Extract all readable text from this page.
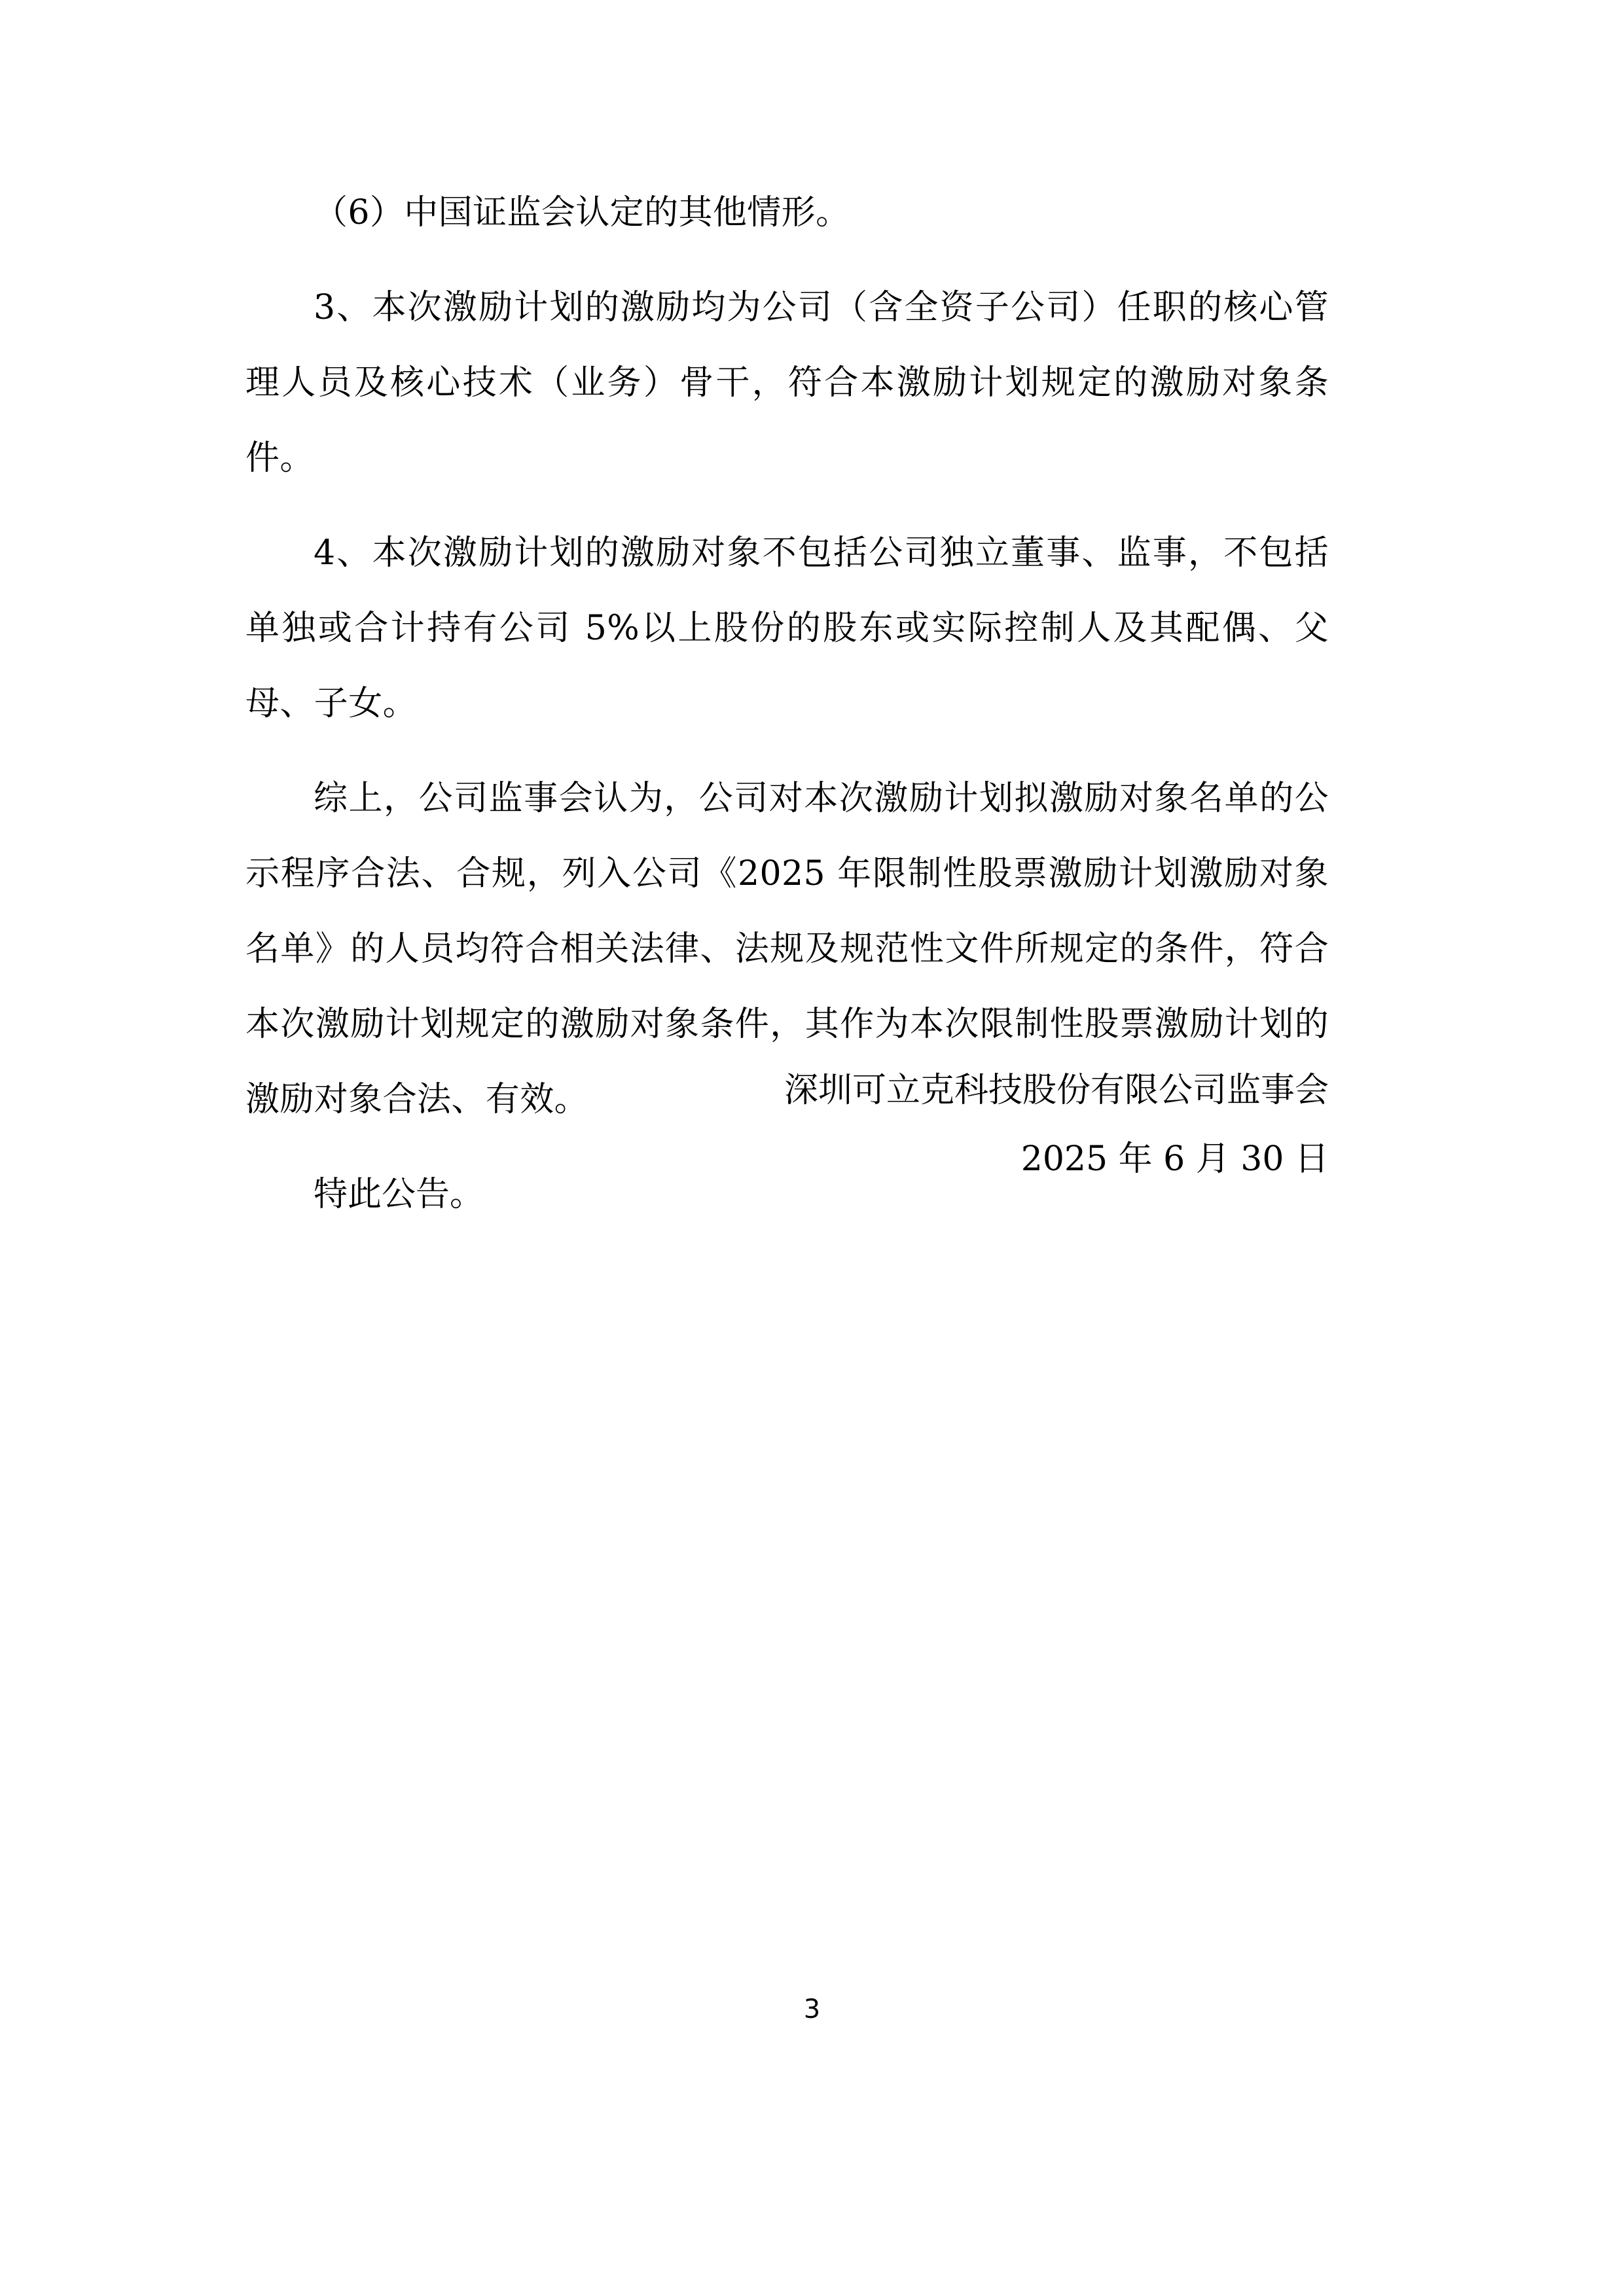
（6）中国证监会认定的其他情形。

3、本次激励计划的激励均为公司（含全资子公司）任职的核心管理人员及核心技术（业务）骨干，符合本激励计划规定的激励对象条件。

4、本次激励计划的激励对象不包括公司独立董事、监事，不包括单独或合计持有公司 5%以上股份的股东或实际控制人及其配偶、父母、子女。

综上，公司监事会认为，公司对本次激励计划拟激励对象名单的公示程序合法、合规，列入公司《2025 年限制性股票激励计划激励对象名单》的人员均符合相关法律、法规及规范性文件所规定的条件，符合本次激励计划规定的激励对象条件，其作为本次限制性股票激励计划的激励对象合法、有效。

特此公告。

深圳可立克科技股份有限公司监事会
2025 年 6 月 30 日
3
